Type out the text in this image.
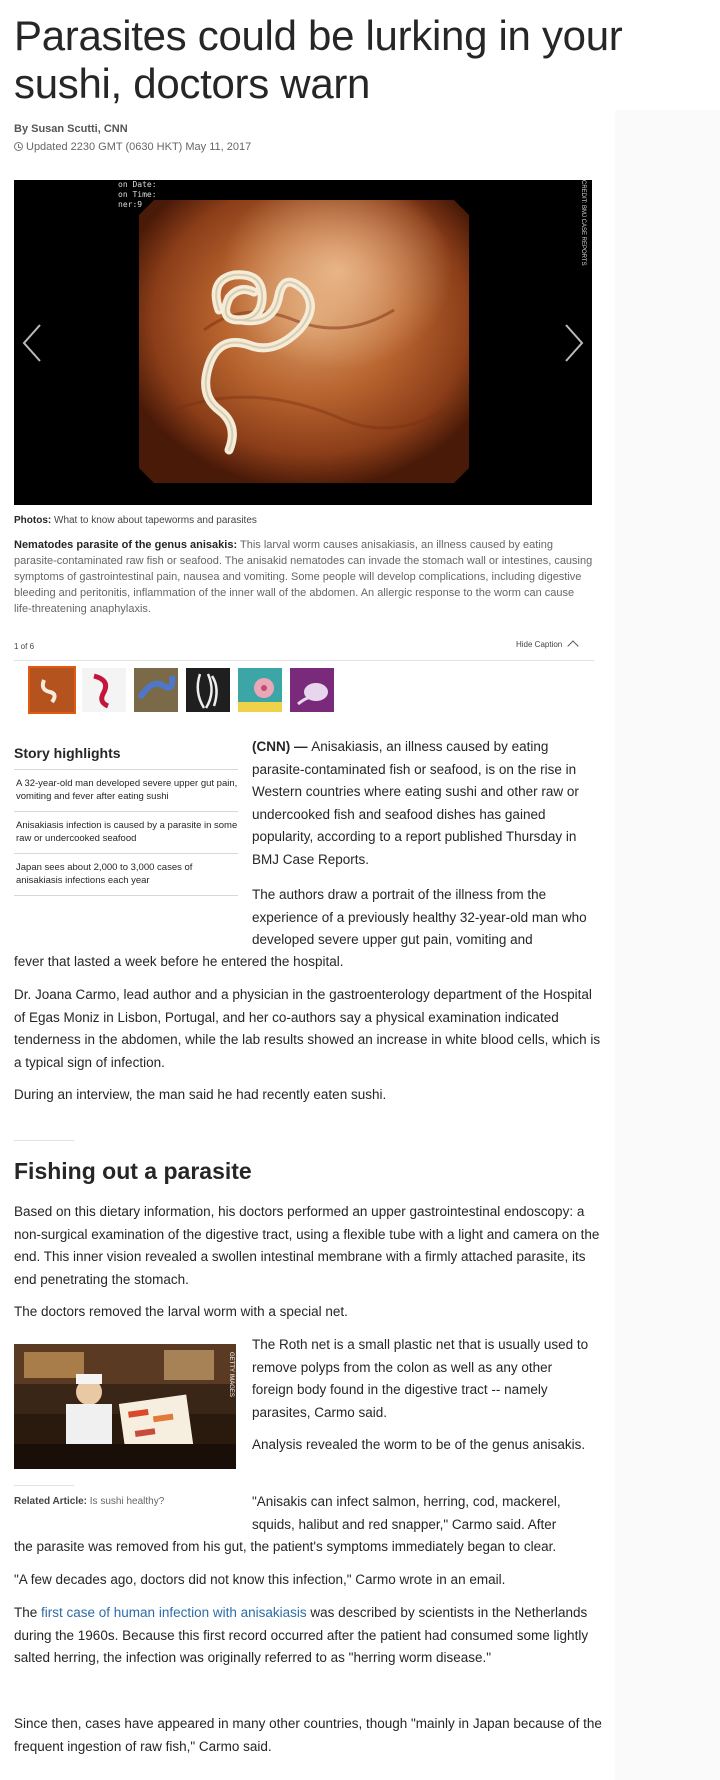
Parasites could be lurking in your sushi, doctors warn
By Susan Scutti, CNN
Updated 2230 GMT (0630 HKT) May 11, 2017
on Date:
on Time:
ner:9	CREDIT: BMJ CASE REPORTS
Photos: What to know about tapeworms and parasites
Nematodes parasite of the genus anisakis: This larval worm causes anisakiasis, an illness caused by eating parasite-contaminated raw fish or seafood. The anisakid nematodes can invade the stomach wall or intestines, causing symptoms of gastrointestinal pain, nausea and vomiting. Some people will develop complications, including digestive bleeding and peritonitis, inflammation of the inner wall of the abdomen. An allergic response to the worm can cause life-threatening anaphylaxis.
1 of 6	Hide Caption
Story highlights
A 32-year-old man developed severe upper gut pain, vomiting and fever after eating sushi
Anisakiasis infection is caused by a parasite in some raw or undercooked seafood
Japan sees about 2,000 to 3,000 cases of anisakiasis infections each year

(CNN) — Anisakiasis, an illness caused by eating parasite-contaminated fish or seafood, is on the rise in Western countries where eating sushi and other raw or undercooked fish and seafood dishes has gained popularity, according to a report published Thursday in BMJ Case Reports.

The authors draw a portrait of the illness from the experience of a previously healthy 32-year-old man who developed severe upper gut pain, vomiting and

fever that lasted a week before he entered the hospital.

Dr. Joana Carmo, lead author and a physician in the gastroenterology department of the Hospital of Egas Moniz in Lisbon, Portugal, and her co-authors say a physical examination indicated tenderness in the abdomen, while the lab results showed an increase in white blood cells, which is a typical sign of infection.

During an interview, the man said he had recently eaten sushi.

Fishing out a parasite

Based on this dietary information, his doctors performed an upper gastrointestinal endoscopy: a non-surgical examination of the digestive tract, using a flexible tube with a light and camera on the end. This inner vision revealed a swollen intestinal membrane with a firmly attached parasite, its end penetrating the stomach.

The doctors removed the larval worm with a special net.

GETTY IMAGES

The Roth net is a small plastic net that is usually used to remove polyps from the colon as well as any other foreign body found in the digestive tract -- namely parasites, Carmo said.

Analysis revealed the worm to be of the genus anisakis.

Related Article: Is sushi healthy?	"Anisakis can infect salmon, herring, cod, mackerel, squids, halibut and red snapper," Carmo said. After

the parasite was removed from his gut, the patient's symptoms immediately began to clear.

"A few decades ago, doctors did not know this infection," Carmo wrote in an email.

The first case of human infection with anisakiasis was described by scientists in the Netherlands during the 1960s. Because this first record occurred after the patient had consumed some lightly salted herring, the infection was originally referred to as "herring worm disease."

Since then, cases have appeared in many other countries, though "mainly in Japan because of the frequent ingestion of raw fish," Carmo said.
